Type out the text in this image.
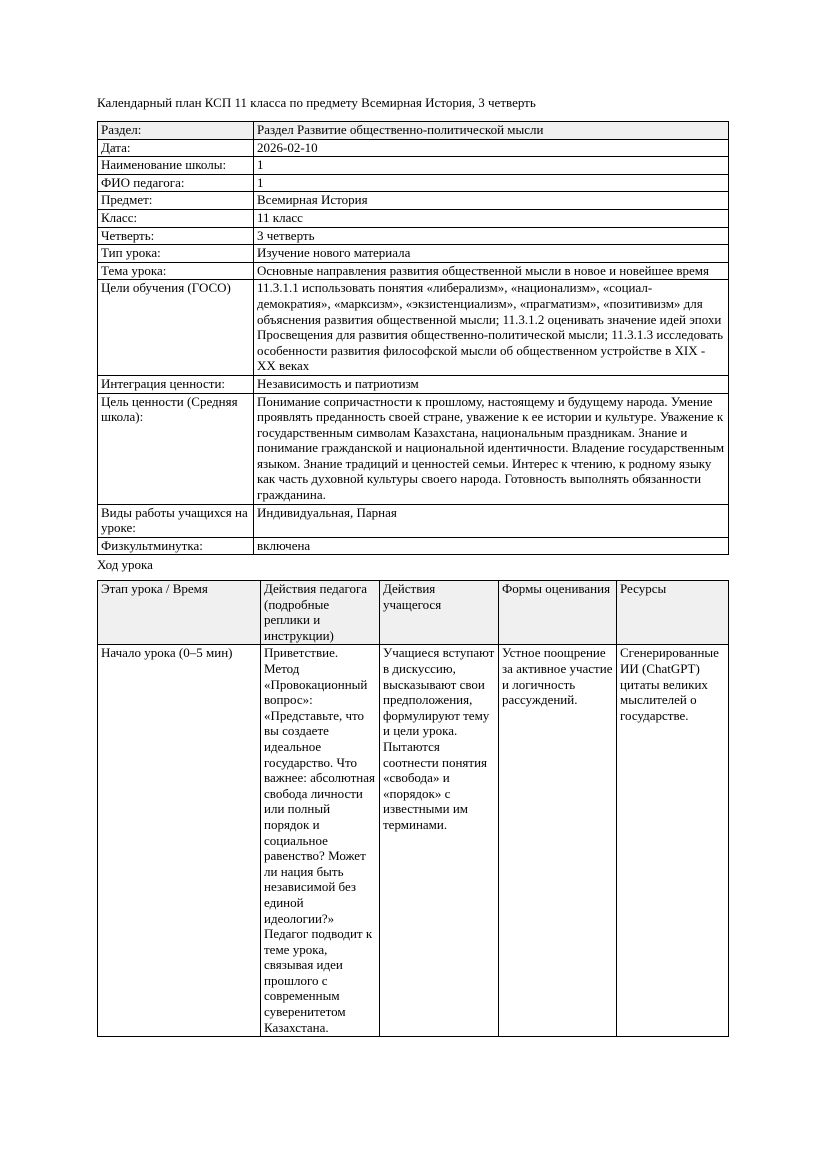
Календарный план КСП 11 класса по предмету Всемирная История, 3 четверть

Раздел:	Раздел Развитие общественно-политической мысли
Дата:	2026-02-10
Наименование школы:	1
ФИО педагога:	1
Предмет:	Всемирная История
Класс:	11 класс
Четверть:	3 четверть
Тип урока:	Изучение нового материала
Тема урока:	Основные направления развития общественной мысли в новое и новейшее время
Цели обучения (ГОСО)	11.3.1.1 использовать понятия «либерализм», «национализм», «социал-демократия», «марксизм», «экзистенциализм», «прагматизм», «позитивизм» для объяснения развития общественной мысли; 11.3.1.2 оценивать значение идей эпохи Просвещения для развития общественно-политической мысли; 11.3.1.3 исследовать особенности развития философской мысли об общественном устройстве в XIX - XX веках
Интеграция ценности:	Независимость и патриотизм
Цель ценности (Средняя школа):	Понимание сопричастности к прошлому, настоящему и будущему народа. Умение проявлять преданность своей стране, уважение к ее истории и культуре. Уважение к государственным символам Казахстана, национальным праздникам. Знание и понимание гражданской и национальной идентичности. Владение государственным языком. Знание традиций и ценностей семьи. Интерес к чтению, к родному языку как часть духовной культуры своего народа. Готовность выполнять обязанности гражданина.
Виды работы учащихся на уроке:	Индивидуальная, Парная
Физкультминутка:	включена

Ход урока

Этап урока / Время	Действия педагога (подробные реплики и инструкции)	Действия учащегося	Формы оценивания	Ресурсы
Начало урока (0–5 мин)	Приветствие. Метод «Провокационный вопрос»: «Представьте, что вы создаете идеальное государство. Что важнее: абсолютная свобода личности или полный порядок и социальное равенство? Может ли нация быть независимой без единой идеологии?» Педагог подводит к теме урока, связывая идеи прошлого с современным суверенитетом Казахстана.	Учащиеся вступают в дискуссию, высказывают свои предположения, формулируют тему и цели урока. Пытаются соотнести понятия «свобода» и «порядок» с известными им терминами.	Устное поощрение за активное участие и логичность рассуждений.	Сгенерированные ИИ (ChatGPT) цитаты великих мыслителей о государстве.
